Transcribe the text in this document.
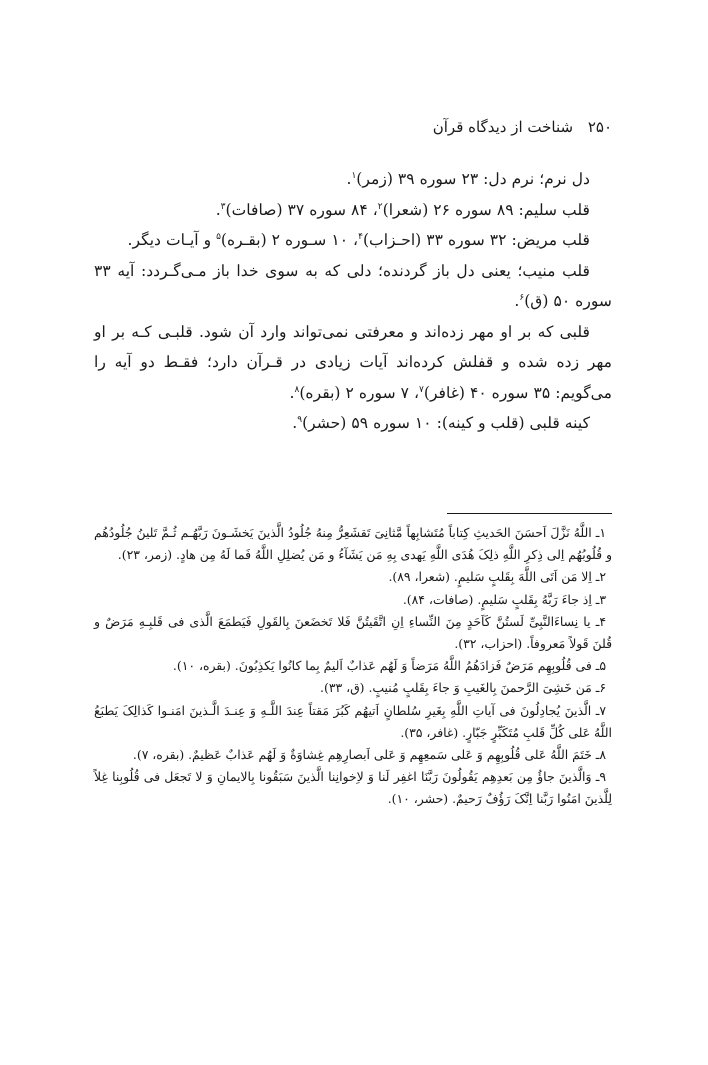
۲۵۰ شناخت از دیدگاه قرآن

دل نرم؛ نرم دل: ۲۳ سوره ۳۹ (زمر)$^۱$.

قلب سلیم: ۸۹ سوره ۲۶ (شعرا)$^۲$، ۸۴ سوره ۳۷ (صافات)$^۳$.

قلب مریض: ۳۲ سوره ۳۳ (احـزاب)$^۴$، ۱۰ سـوره ۲ (بقـره)$^۵$ و آیـات دیگر.

قلب منیب؛ یعنی دل باز گردنده؛ دلی که به سوی خدا باز مـی‌گـردد: آیه ۳۳ سوره ۵۰ (ق)$^۶$.

قلبی که بر او مهر زده‌اند و معرفتی نمی‌تواند وارد آن شود. قلبـی کـه بر او مهر زده شده و قفلش کرده‌اند آیات زیادی در قـرآن دارد؛ فقـط دو آیه را می‌گویم: ۳۵ سوره ۴۰ (غافر)$^۷$، ۷ سوره ۲ (بقره)$^۸$.

کینه قلبی (قلب و کینه): ۱۰ سوره ۵۹ (حشر)$^۹$.

۱ـ اللَّهُ نَزَّلَ اَحسَنَ الحَدیثِ کِتاباً مُتَشابِهاً مَّثانِیَ تَقشَعِرُّ مِنهُ جُلُودُ الَّذینَ یَخشَـونَ رَبَّهُـم ثُـمَّ تَلینُ جُلُودُهُم و قُلُوبُهُم اِلی ذِکرِ اللَّهِ ذلِکَ هُدَی اللَّهِ یَهدی بِهِ مَن یَشَآءُ و مَن یُضلِلِ اللَّهُ فَما لَهُ مِن هادٍ. (زمر، ۲۳).

۲ـ اِلا مَن اَتَی اللَّهَ بِقَلبٍ سَلیمٍ. (شعرا، ۸۹).

۳ـ اِذ جاءَ رَبَّهُ بِقَلبٍ سَلیمٍ. (صافات، ۸۴).

۴ـ یا نِساءَ‌النَّبِیِّ لَستُنَّ کَاَحَدٍ مِنَ النِّساءِ اِنِ اتَّقَیتُنَّ فَلا تَخضَعنَ بِالقَولِ فَیَطمَعَ الَّذی فی قَلبِـهِ مَرَضٌ و قُلنَ قَولاً مَعروفاً. (احزاب، ۳۲).

۵ـ فی قُلُوبِهِم مَرَضٌ فَزادَهُمُ اللَّهُ مَرَضاً وَ لَهُم عَذابٌ اَلیمٌ بِما کانُوا یَکذِبُونَ. (بقره، ۱۰).

۶ـ مَن خَشِیَ الرَّحمنَ بِالغَیبِ وَ جاءَ بِقَلبٍ مُنیبٍ. (ق، ۳۳).

۷ـ الَّذینَ یُجادِلُونَ فی آیاتِ اللَّهِ بِغَیرِ سُلطانٍ اَتیهُم کَبُرَ مَقتاً عِندَ اللَّـهِ وَ عِنـدَ الَّـذینَ امَنـوا کَذالِکَ یَطبَعُ اللَّهُ عَلی کُلِّ قَلبِ مُتَکَبِّرٍ جَبّارٍ. (غافر، ۳۵).

۸ـ خَتَمَ اللَّهُ عَلی قُلُوبِهِم وَ عَلی سَمعِهِم وَ عَلی اَبصارِهِم غِشاوَةٌ وَ لَهُم عَذابٌ عَظیمٌ. (بقره، ۷).

۹ـ وَالَّذینَ جاؤُ مِن بَعدِهِم یَقُولُونَ رَبَّنَا اغفِر لَنا وَ لاِخوانِنا الَّذینَ سَبَقُونا بِالایمانِ وَ لا تَجعَل فی قُلُوبِنا غِلاً لِلَّذینَ امَنُوا رَبَّنا اِنَّکَ رَؤُفٌ رَحیمٌ. (حشر، ۱۰).
